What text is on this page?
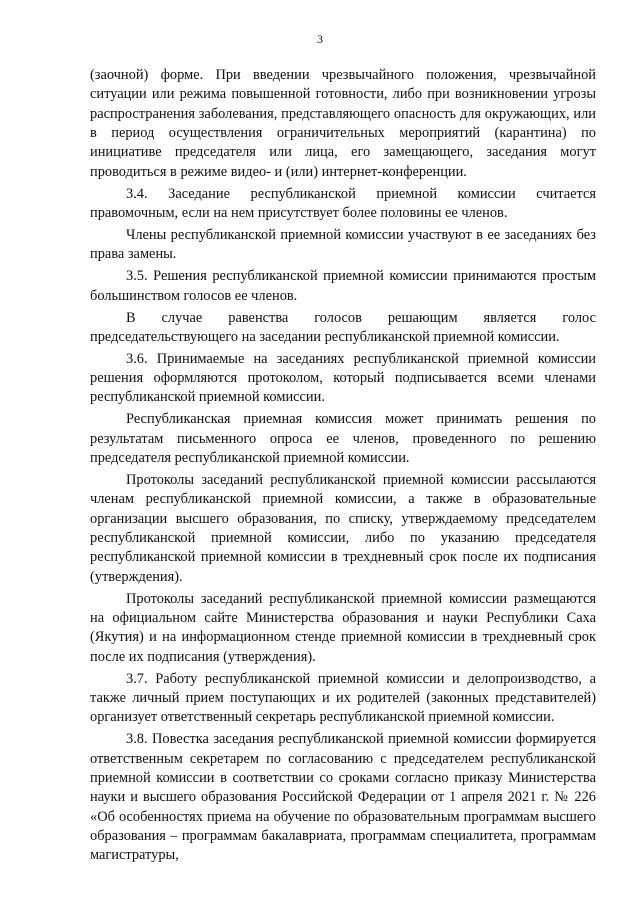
3

(заочной) форме. При введении чрезвычайного положения, чрезвычайной ситуации или режима повышенной готовности, либо при возникновении угрозы распространения заболевания, представляющего опасность для окружающих, или в период осуществления ограничительных мероприятий (карантина) по инициативе председателя или лица, его замещающего, заседания могут проводиться в режиме видео- и (или) интернет-конференции.

3.4. Заседание республиканской приемной комиссии считается правомочным, если на нем присутствует более половины ее членов.

Члены республиканской приемной комиссии участвуют в ее заседаниях без права замены.

3.5. Решения республиканской приемной комиссии принимаются простым большинством голосов ее членов.

В случае равенства голосов решающим является голос председательствующего на заседании республиканской приемной комиссии.

3.6. Принимаемые на заседаниях республиканской приемной комиссии решения оформляются протоколом, который подписывается всеми членами республиканской приемной комиссии.

Республиканская приемная комиссия может принимать решения по результатам письменного опроса ее членов, проведенного по решению председателя республиканской приемной комиссии.

Протоколы заседаний республиканской приемной комиссии рассылаются членам республиканской приемной комиссии, а также в образовательные организации высшего образования, по списку, утверждаемому председателем республиканской приемной комиссии, либо по указанию председателя республиканской приемной комиссии в трехдневный срок после их подписания (утверждения).

Протоколы заседаний республиканской приемной комиссии размещаются на официальном сайте Министерства образования и науки Республики Саха (Якутия) и на информационном стенде приемной комиссии в трехдневный срок после их подписания (утверждения).

3.7. Работу республиканской приемной комиссии и делопроизводство, а также личный прием поступающих и их родителей (законных представителей) организует ответственный секретарь республиканской приемной комиссии.

3.8. Повестка заседания республиканской приемной комиссии формируется ответственным секретарем по согласованию с председателем республиканской приемной комиссии в соответствии со сроками согласно приказу Министерства науки и высшего образования Российской Федерации от 1 апреля 2021 г. № 226 «Об особенностях приема на обучение по образовательным программам высшего образования – программам бакалавриата, программам специалитета, программам магистратуры,
